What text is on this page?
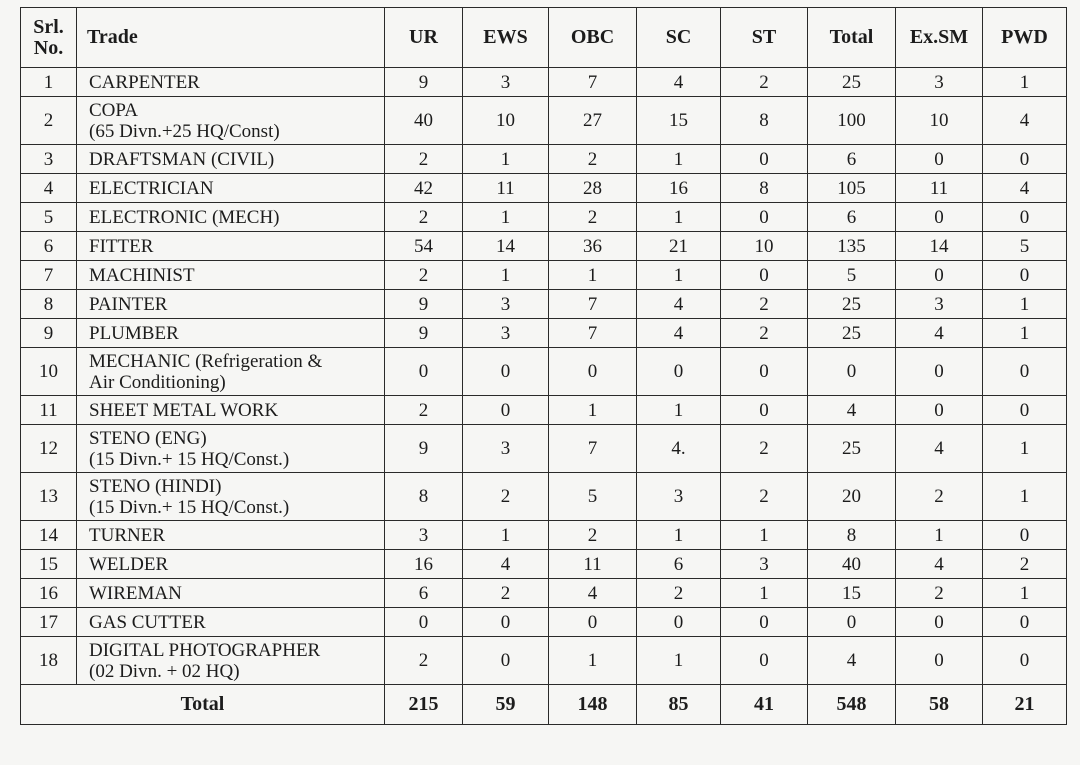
Srl.
No.	Trade	UR	EWS	OBC	SC	ST	Total	Ex.SM	PWD
1	CARPENTER	9	3	7	4	2	25	3	1
2	COPA
(65 Divn.+25 HQ/Const)	40	10	27	15	8	100	10	4
3	DRAFTSMAN (CIVIL)	2	1	2	1	0	6	0	0
4	ELECTRICIAN	42	11	28	16	8	105	11	4
5	ELECTRONIC (MECH)	2	1	2	1	0	6	0	0
6	FITTER	54	14	36	21	10	135	14	5
7	MACHINIST	2	1	1	1	0	5	0	0
8	PAINTER	9	3	7	4	2	25	3	1
9	PLUMBER	9	3	7	4	2	25	4	1
10	MECHANIC (Refrigeration &
Air Conditioning)	0	0	0	0	0	0	0	0
11	SHEET METAL WORK	2	0	1	1	0	4	0	0
12	STENO (ENG)
(15 Divn.+ 15 HQ/Const.)	9	3	7	4.	2	25	4	1
13	STENO (HINDI)
(15 Divn.+ 15 HQ/Const.)	8	2	5	3	2	20	2	1
14	TURNER	3	1	2	1	1	8	1	0
15	WELDER	16	4	11	6	3	40	4	2
16	WIREMAN	6	2	4	2	1	15	2	1
17	GAS CUTTER	0	0	0	0	0	0	0	0
18	DIGITAL PHOTOGRAPHER
(02 Divn. + 02 HQ)	2	0	1	1	0	4	0	0
Total		215	59	148	85	41	548	58	21
